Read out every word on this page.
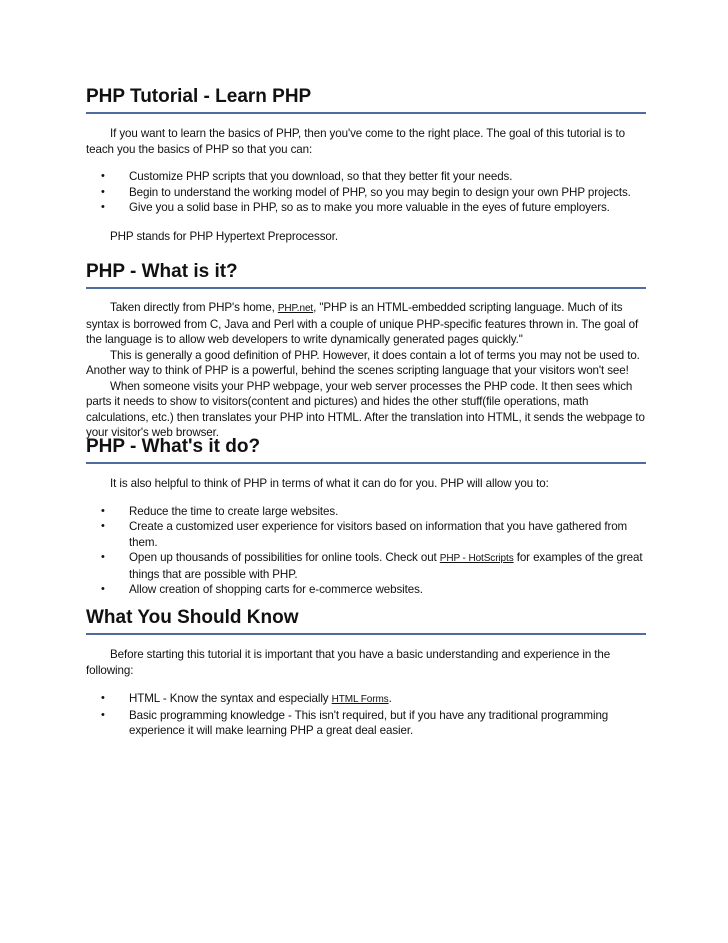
PHP Tutorial - Learn PHP

If you want to learn the basics of PHP, then you've come to the right place. The goal of this tutorial is to teach you the basics of PHP so that you can:

• Customize PHP scripts that you download, so that they better fit your needs.
• Begin to understand the working model of PHP, so you may begin to design your own PHP projects.
• Give you a solid base in PHP, so as to make you more valuable in the eyes of future employers.

PHP stands for PHP Hypertext Preprocessor.

PHP - What is it?

Taken directly from PHP's home, PHP.net, "PHP is an HTML-embedded scripting language. Much of its syntax is borrowed from C, Java and Perl with a couple of unique PHP-specific features thrown in. The goal of the language is to allow web developers to write dynamically generated pages quickly."

This is generally a good definition of PHP. However, it does contain a lot of terms you may not be used to. Another way to think of PHP is a powerful, behind the scenes scripting language that your visitors won't see!

When someone visits your PHP webpage, your web server processes the PHP code. It then sees which parts it needs to show to visitors(content and pictures) and hides the other stuff(file operations, math calculations, etc.) then translates your PHP into HTML. After the translation into HTML, it sends the webpage to your visitor's web browser.

PHP - What's it do?

It is also helpful to think of PHP in terms of what it can do for you. PHP will allow you to:

• Reduce the time to create large websites.
• Create a customized user experience for visitors based on information that you have gathered from them.
• Open up thousands of possibilities for online tools. Check out PHP - HotScripts for examples of the great things that are possible with PHP.
• Allow creation of shopping carts for e-commerce websites.
What You Should Know

Before starting this tutorial it is important that you have a basic understanding and experience in the following:

• HTML - Know the syntax and especially HTML Forms.
• Basic programming knowledge - This isn't required, but if you have any traditional programming experience it will make learning PHP a great deal easier.
